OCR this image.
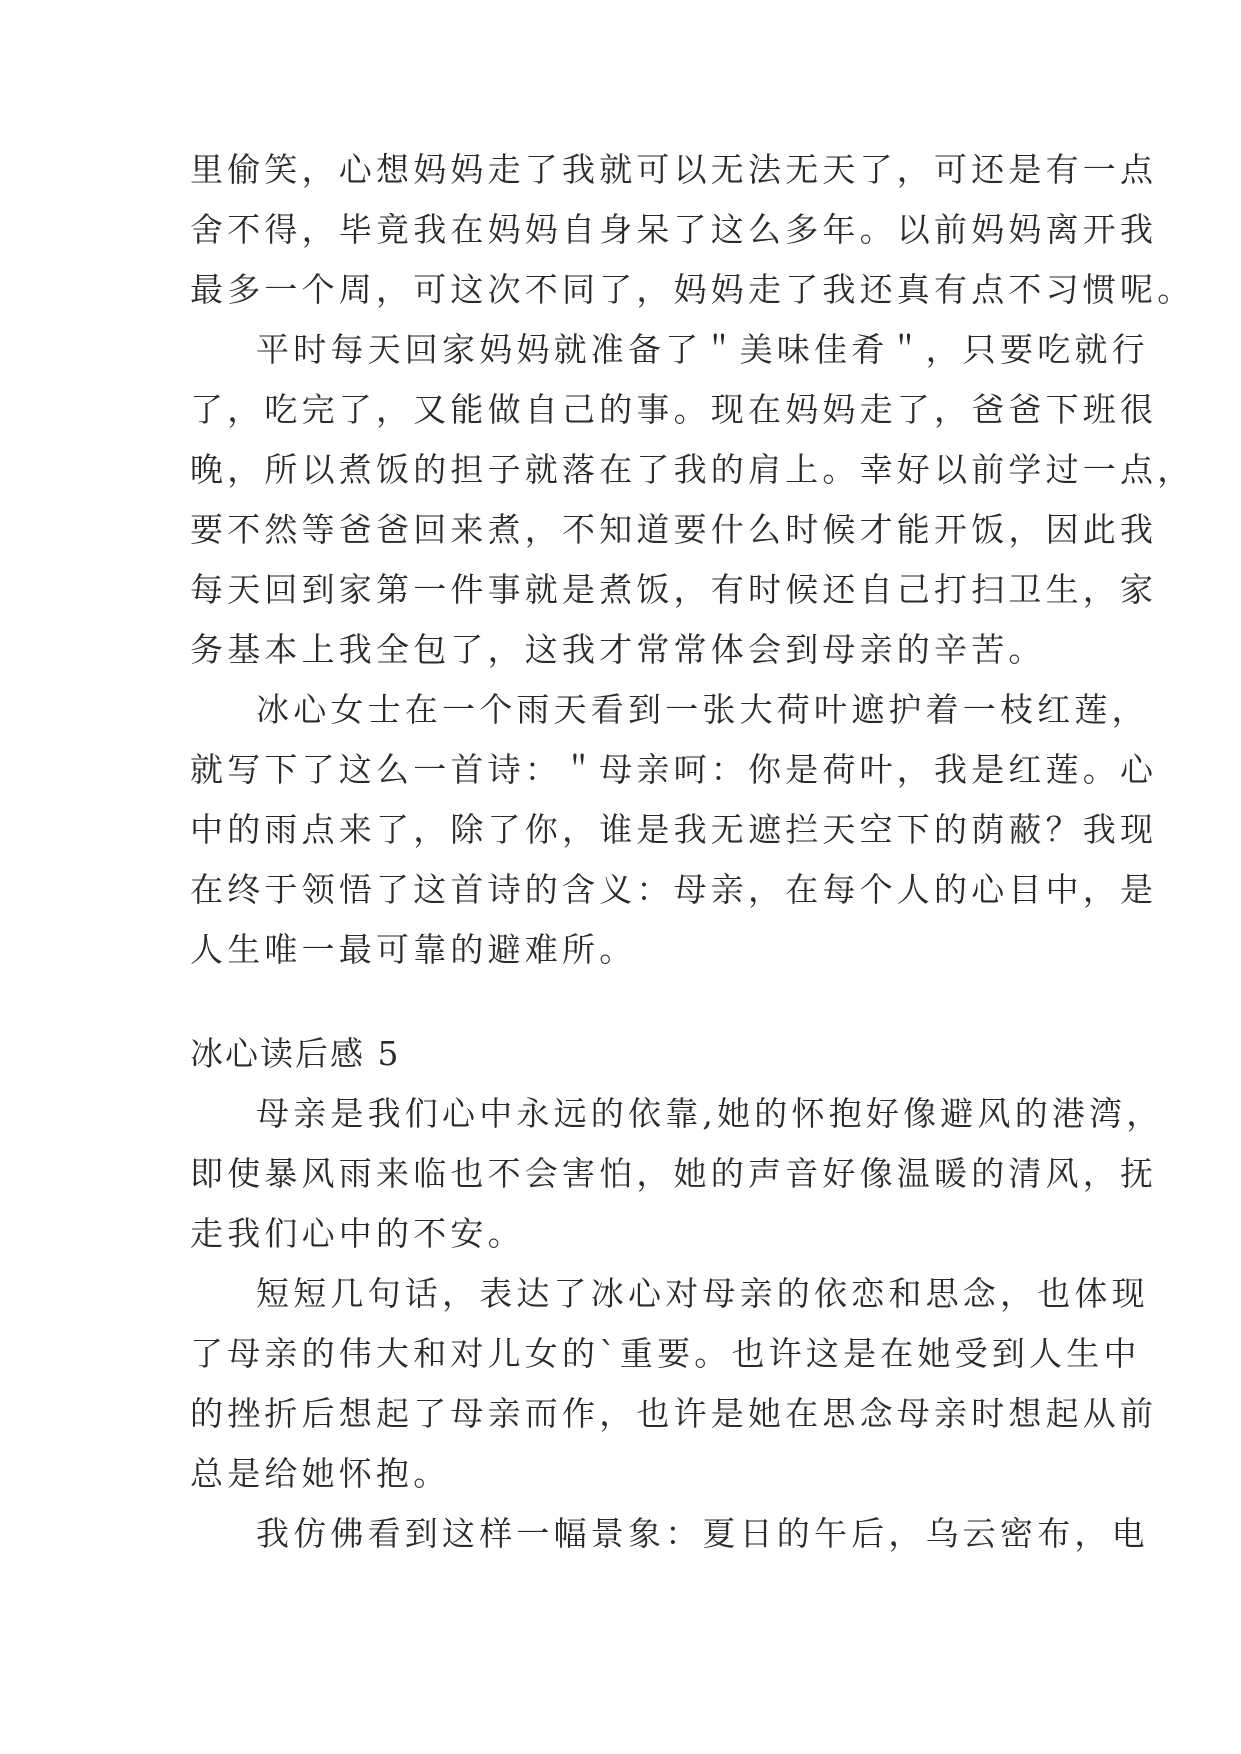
里偷笑，心想妈妈走了我就可以无法无天了，可还是有一点
舍不得，毕竟我在妈妈自身呆了这么多年。以前妈妈离开我
最多一个周，可这次不同了，妈妈走了我还真有点不习惯呢。
平时每天回家妈妈就准备了＂美味佳肴＂，只要吃就行
了，吃完了，又能做自己的事。现在妈妈走了，爸爸下班很
晚，所以煮饭的担子就落在了我的肩上。幸好以前学过一点，
要不然等爸爸回来煮，不知道要什么时候才能开饭，因此我
每天回到家第一件事就是煮饭，有时候还自己打扫卫生，家
务基本上我全包了，这我才常常体会到母亲的辛苦。
冰心女士在一个雨天看到一张大荷叶遮护着一枝红莲，
就写下了这么一首诗：＂母亲呵：你是荷叶，我是红莲。心
中的雨点来了，除了你，谁是我无遮拦天空下的荫蔽？我现
在终于领悟了这首诗的含义：母亲，在每个人的心目中，是
人生唯一最可靠的避难所。
冰心读后感 5
母亲是我们心中永远的依靠,她的怀抱好像避风的港湾，
即使暴风雨来临也不会害怕，她的声音好像温暖的清风，抚
走我们心中的不安。
短短几句话，表达了冰心对母亲的依恋和思念，也体现
了母亲的伟大和对儿女的`重要。也许这是在她受到人生中
的挫折后想起了母亲而作，也许是她在思念母亲时想起从前
总是给她怀抱。
我仿佛看到这样一幅景象：夏日的午后，乌云密布，电
